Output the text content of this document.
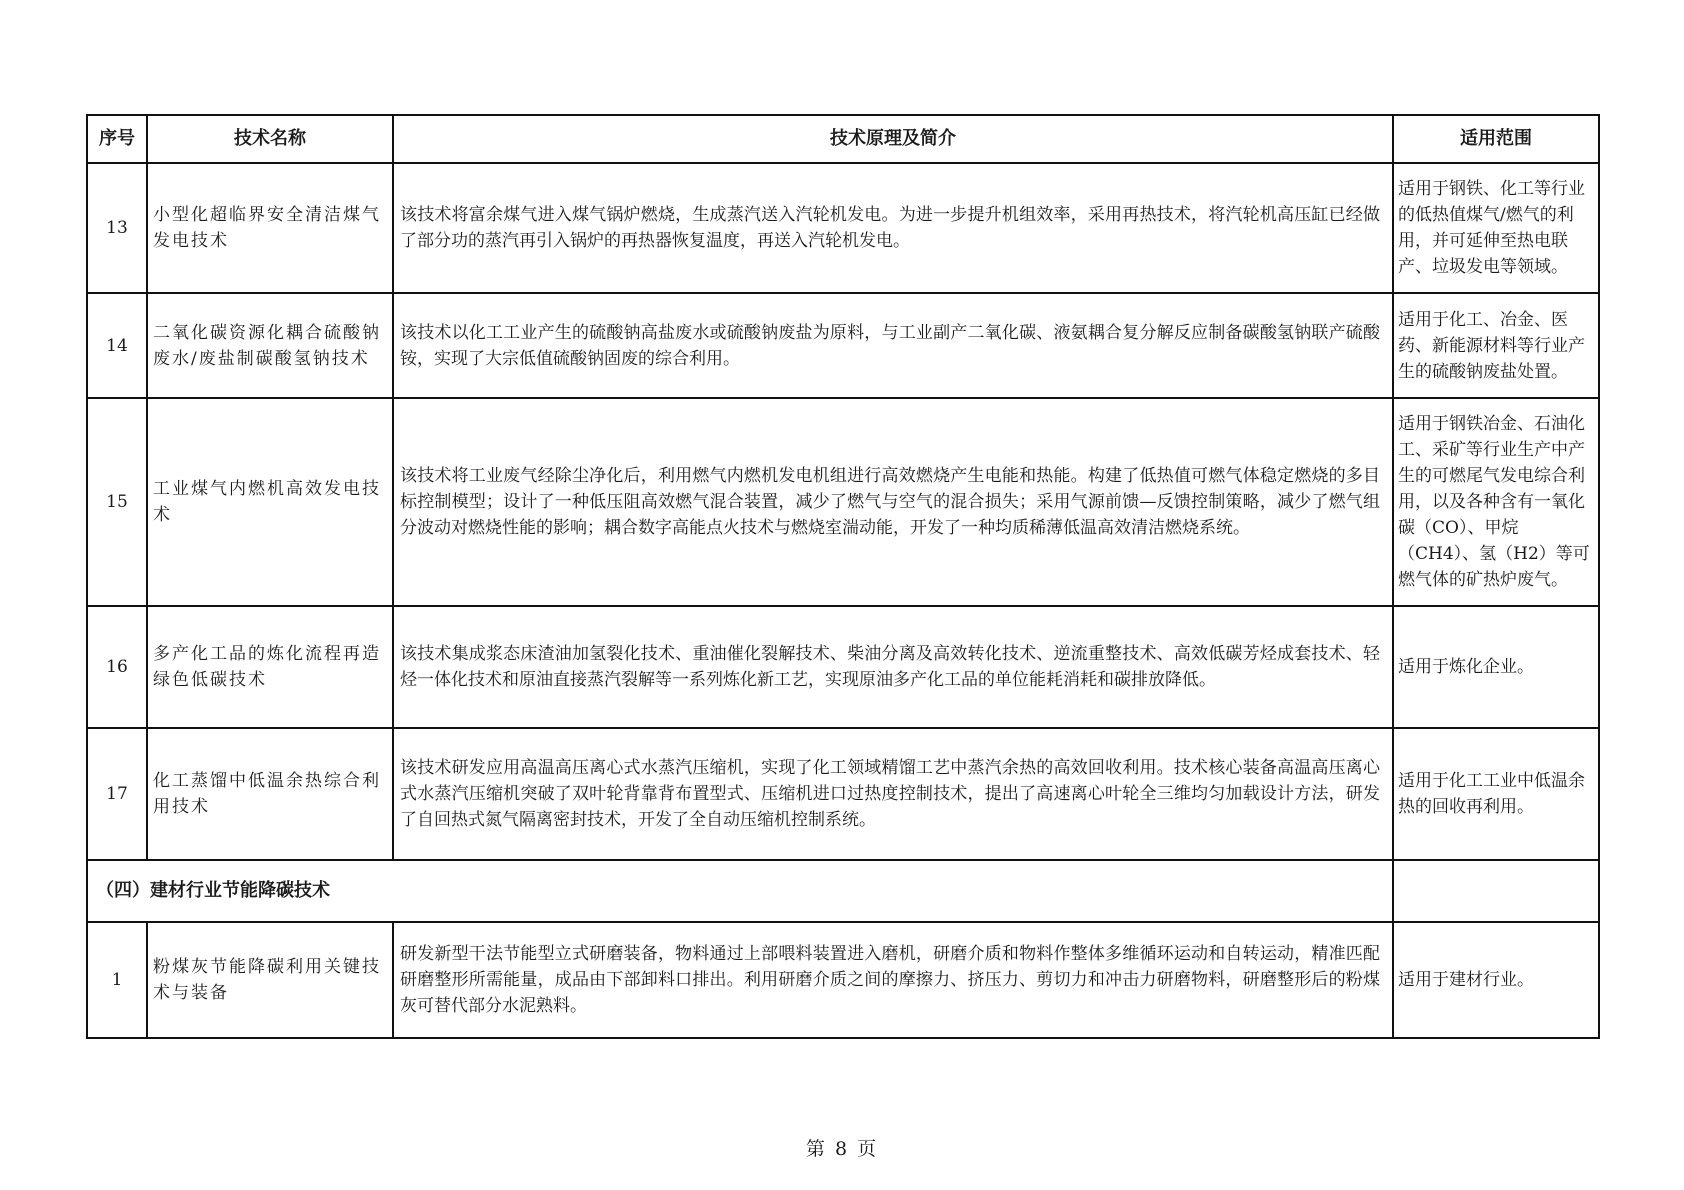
序号	技术名称	技术原理及简介	适用范围
13	小型化超临界安全清洁煤气发电技术	该技术将富余煤气进入煤气锅炉燃烧，生成蒸汽送入汽轮机发电。为进一步提升机组效率，采用再热技术，将汽轮机高压缸已经做了部分功的蒸汽再引入锅炉的再热器恢复温度，再送入汽轮机发电。	适用于钢铁、化工等行业的低热值煤气/燃气的利用，并可延伸至热电联产、垃圾发电等领域。
14	二氧化碳资源化耦合硫酸钠废水/废盐制碳酸氢钠技术	该技术以化工工业产生的硫酸钠高盐废水或硫酸钠废盐为原料，与工业副产二氧化碳、液氨耦合复分解反应制备碳酸氢钠联产硫酸铵，实现了大宗低值硫酸钠固废的综合利用。	适用于化工、冶金、医药、新能源材料等行业产生的硫酸钠废盐处置。
15	工业煤气内燃机高效发电技术	该技术将工业废气经除尘净化后，利用燃气内燃机发电机组进行高效燃烧产生电能和热能。构建了低热值可燃气体稳定燃烧的多目标控制模型；设计了一种低压阻高效燃气混合装置，减少了燃气与空气的混合损失；采用气源前馈—反馈控制策略，减少了燃气组分波动对燃烧性能的影响；耦合数字高能点火技术与燃烧室湍动能，开发了一种均质稀薄低温高效清洁燃烧系统。	适用于钢铁冶金、石油化工、采矿等行业生产中产生的可燃尾气发电综合利用，以及各种含有一氧化碳（CO）、甲烷（CH4）、氢（H2）等可燃气体的矿热炉废气。
16	多产化工品的炼化流程再造绿色低碳技术	该技术集成浆态床渣油加氢裂化技术、重油催化裂解技术、柴油分离及高效转化技术、逆流重整技术、高效低碳芳烃成套技术、轻烃一体化技术和原油直接蒸汽裂解等一系列炼化新工艺，实现原油多产化工品的单位能耗消耗和碳排放降低。	适用于炼化企业。
17	化工蒸馏中低温余热综合利用技术	该技术研发应用高温高压离心式水蒸汽压缩机，实现了化工领域精馏工艺中蒸汽余热的高效回收利用。技术核心装备高温高压离心式水蒸汽压缩机突破了双叶轮背靠背布置型式、压缩机进口过热度控制技术，提出了高速离心叶轮全三维均匀加载设计方法，研发了自回热式氮气隔离密封技术，开发了全自动压缩机控制系统。	适用于化工工业中低温余热的回收再利用。
（四）建材行业节能降碳技术			
1	粉煤灰节能降碳利用关键技术与装备	研发新型干法节能型立式研磨装备，物料通过上部喂料装置进入磨机，研磨介质和物料作整体多维循环运动和自转运动，精准匹配研磨整形所需能量，成品由下部卸料口排出。利用研磨介质之间的摩擦力、挤压力、剪切力和冲击力研磨物料，研磨整形后的粉煤灰可替代部分水泥熟料。	适用于建材行业。
第 8 页
